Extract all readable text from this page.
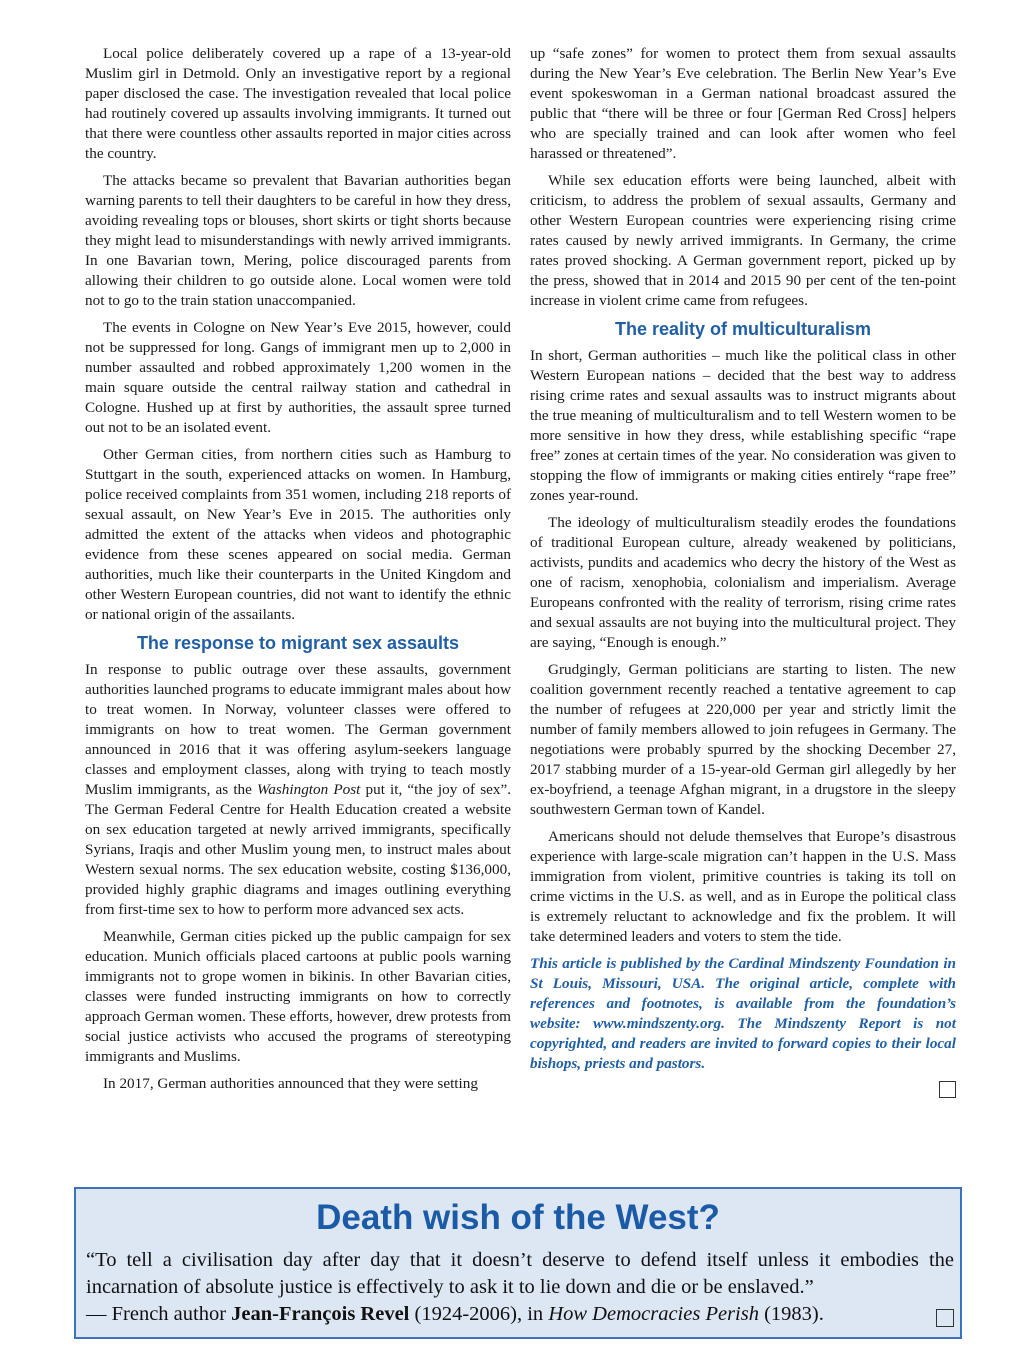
Local police deliberately covered up a rape of a 13-year-old Muslim girl in Detmold. Only an investigative report by a regional paper disclosed the case. The investigation revealed that local police had routinely covered up assaults involving immigrants. It turned out that there were countless other assaults reported in major cities across the country.

The attacks became so prevalent that Bavarian authorities began warning parents to tell their daughters to be careful in how they dress, avoiding revealing tops or blouses, short skirts or tight shorts because they might lead to misunderstandings with newly arrived immigrants. In one Bavarian town, Mering, police discouraged parents from allowing their children to go outside alone. Local women were told not to go to the train station unaccompanied.

The events in Cologne on New Year’s Eve 2015, however, could not be suppressed for long. Gangs of immigrant men up to 2,000 in number assaulted and robbed approximately 1,200 women in the main square outside the central railway station and cathedral in Cologne. Hushed up at first by authorities, the assault spree turned out not to be an isolated event.

Other German cities, from northern cities such as Hamburg to Stuttgart in the south, experienced attacks on women. In Hamburg, police received complaints from 351 women, including 218 reports of sexual assault, on New Year’s Eve in 2015. The authorities only admitted the extent of the attacks when videos and photographic evidence from these scenes appeared on social media. German authorities, much like their counterparts in the United Kingdom and other Western European countries, did not want to identify the ethnic or national origin of the assailants.

The response to migrant sex assaults

In response to public outrage over these assaults, government authorities launched programs to educate immigrant males about how to treat women. In Norway, volunteer classes were offered to immigrants on how to treat women. The German government announced in 2016 that it was offering asylum-seekers language classes and employment classes, along with trying to teach mostly Muslim immigrants, as the Washington Post put it, “the joy of sex”. The German Federal Centre for Health Education created a website on sex education targeted at newly arrived immigrants, specifically Syrians, Iraqis and other Muslim young men, to instruct males about Western sexual norms. The sex education website, costing $136,000, provided highly graphic diagrams and images outlining everything from first-time sex to how to perform more advanced sex acts.

Meanwhile, German cities picked up the public campaign for sex education. Munich officials placed cartoons at public pools warning immigrants not to grope women in bikinis. In other Bavarian cities, classes were funded instructing immigrants on how to correctly approach German women. These efforts, however, drew protests from social justice activists who accused the programs of stereotyping immigrants and Muslims.

In 2017, German authorities announced that they were setting

up “safe zones” for women to protect them from sexual assaults during the New Year’s Eve celebration. The Berlin New Year’s Eve event spokeswoman in a German national broadcast assured the public that “there will be three or four [German Red Cross] helpers who are specially trained and can look after women who feel harassed or threatened”.

While sex education efforts were being launched, albeit with criticism, to address the problem of sexual assaults, Germany and other Western European countries were experiencing rising crime rates caused by newly arrived immigrants. In Germany, the crime rates proved shocking. A German government report, picked up by the press, showed that in 2014 and 2015 90 per cent of the ten-point increase in violent crime came from refugees.

The reality of multiculturalism

In short, German authorities – much like the political class in other Western European nations – decided that the best way to address rising crime rates and sexual assaults was to instruct migrants about the true meaning of multiculturalism and to tell Western women to be more sensitive in how they dress, while establishing specific “rape free” zones at certain times of the year. No consideration was given to stopping the flow of immigrants or making cities entirely “rape free” zones year-round.

The ideology of multiculturalism steadily erodes the foundations of traditional European culture, already weakened by politicians, activists, pundits and academics who decry the history of the West as one of racism, xenophobia, colonialism and imperialism. Average Europeans confronted with the reality of terrorism, rising crime rates and sexual assaults are not buying into the multicultural project. They are saying, “Enough is enough.”

Grudgingly, German politicians are starting to listen. The new coalition government recently reached a tentative agreement to cap the number of refugees at 220,000 per year and strictly limit the number of family members allowed to join refugees in Germany. The negotiations were probably spurred by the shocking December 27, 2017 stabbing murder of a 15-year-old German girl allegedly by her ex-boyfriend, a teenage Afghan migrant, in a drugstore in the sleepy southwestern German town of Kandel.

Americans should not delude themselves that Europe’s disastrous experience with large-scale migration can’t happen in the U.S. Mass immigration from violent, primitive countries is taking its toll on crime victims in the U.S. as well, and as in Europe the political class is extremely reluctant to acknowledge and fix the problem. It will take determined leaders and voters to stem the tide.

This article is published by the Cardinal Mindszenty Foundation in St Louis, Missouri, USA. The original article, complete with references and footnotes, is available from the foundation’s website: www.mindszenty.org. The Mindszenty Report is not copyrighted, and readers are invited to forward copies to their local bishops, priests and pastors.

Death wish of the West?
“To tell a civilisation day after day that it doesn’t deserve to defend itself unless it embodies the incarnation of absolute justice is effectively to ask it to lie down and die or be enslaved.”
— French author Jean-François Revel (1924-2006), in How Democracies Perish (1983).
